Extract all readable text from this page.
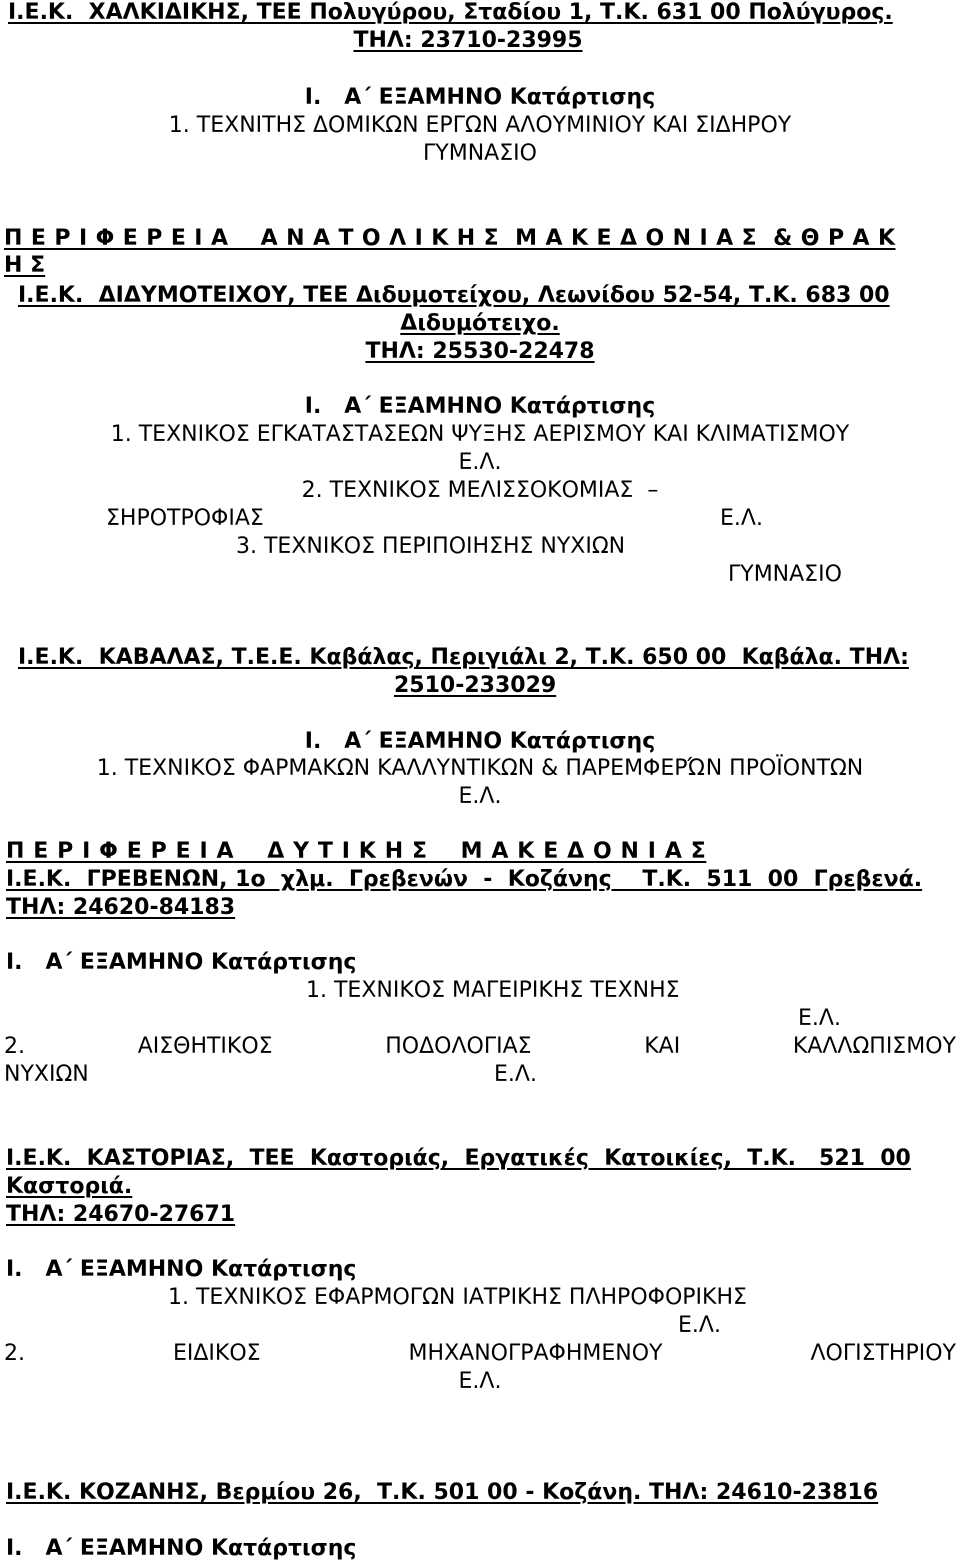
Ι.Ε.Κ.  ΧΑΛΚΙΔΙΚΗΣ, ΤΕΕ Πολυγύρου, Σταδίου 1, Τ.Κ. 631 00 Πολύγυρος.
ΤΗΛ: 23710-23995
Ι.   Α΄ ΕΞΑΜΗΝΟ Κατάρτισης
1. ΤΕΧΝΙΤΗΣ ΔΟΜΙΚΩΝ ΕΡΓΩΝ ΑΛΟΥΜΙΝΙΟΥ ΚΑΙ ΣΙΔΗΡΟΥ
ΓΥΜΝΑΣΙΟ
Π Ε Ρ Ι Φ Ε Ρ Ε Ι Α    Α Ν Α Τ Ο Λ Ι Κ Η Σ  Μ Α Κ Ε Δ Ο Ν Ι Α Σ  & Θ Ρ Α Κ
Η Σ
Ι.Ε.Κ.  ΔΙΔΥΜΟΤΕΙΧΟΥ, ΤΕΕ Διδυμοτείχου, Λεωνίδου 52-54, Τ.Κ. 683 00
Διδυμότειχο.
ΤΗΛ: 25530-22478
Ι.   Α΄ ΕΞΑΜΗΝΟ Κατάρτισης
1. ΤΕΧΝΙΚΟΣ ΕΓΚΑΤΑΣΤΑΣΕΩΝ ΨΥΞΗΣ ΑΕΡΙΣΜΟΥ ΚΑΙ ΚΛΙΜΑΤΙΣΜΟΥ
Ε.Λ.
2. ΤΕΧΝΙΚΟΣ ΜΕΛΙΣΣΟΚΟΜΙΑΣ  –
ΣΗΡΟΤΡΟΦΙΑΣ	Ε.Λ.
3. ΤΕΧΝΙΚΟΣ ΠΕΡΙΠΟΙΗΣΗΣ ΝΥΧΙΩΝ
ΓΥΜΝΑΣΙΟ
Ι.Ε.Κ.  ΚΑΒΑΛΑΣ, Τ.Ε.Ε. Καβάλας, Περιγιάλι 2, Τ.Κ. 650 00  Καβάλα. ΤΗΛ:
2510-233029
Ι.   Α΄ ΕΞΑΜΗΝΟ Κατάρτισης
1. ΤΕΧΝΙΚΟΣ ΦΑΡΜΑΚΩΝ ΚΑΛΛΥΝΤΙΚΩΝ & ΠΑΡΕΜΦΕΡΏΝ ΠΡΟΪΟΝΤΩΝ
Ε.Λ.
Π Ε Ρ Ι Φ Ε Ρ Ε Ι Α    Δ Υ Τ Ι Κ Η Σ    Μ Α Κ Ε Δ Ο Ν Ι Α Σ
Ι.Ε.Κ.  ΓΡΕΒΕΝΩΝ, 1ο  χλμ.  Γρεβενών  -  Κοζάνης    Τ.Κ.  511  00  Γρεβενά.
ΤΗΛ: 24620-84183
Ι.   Α΄ ΕΞΑΜΗΝΟ Κατάρτισης
1. ΤΕΧΝΙΚΟΣ ΜΑΓΕΙΡΙΚΗΣ ΤΕΧΝΗΣ
Ε.Λ.
2.	ΑΙΣΘΗΤΙΚΟΣ	ΠΟΔΟΛΟΓΙΑΣ	ΚΑΙ	ΚΑΛΛΩΠΙΣΜΟΥ
ΝΥΧΙΩΝ	Ε.Λ.
Ι.Ε.Κ.  ΚΑΣΤΟΡΙΑΣ,  ΤΕΕ  Καστοριάς,  Εργατικές  Κατοικίες,  Τ.Κ.   521  00
Καστοριά.
ΤΗΛ: 24670-27671
Ι.   Α΄ ΕΞΑΜΗΝΟ Κατάρτισης
1. ΤΕΧΝΙΚΟΣ ΕΦΑΡΜΟΓΩΝ ΙΑΤΡΙΚΗΣ ΠΛΗΡΟΦΟΡΙΚΗΣ
Ε.Λ.
2.	ΕΙΔΙΚΟΣ	ΜΗΧΑΝΟΓΡΑΦΗΜΕΝΟΥ	ΛΟΓΙΣΤΗΡΙΟΥ
Ε.Λ.
Ι.Ε.Κ. ΚΟΖΑΝΗΣ, Βερμίου 26,  Τ.Κ. 501 00 - Κοζάνη. ΤΗΛ: 24610-23816
Ι.   Α΄ ΕΞΑΜΗΝΟ Κατάρτισης
